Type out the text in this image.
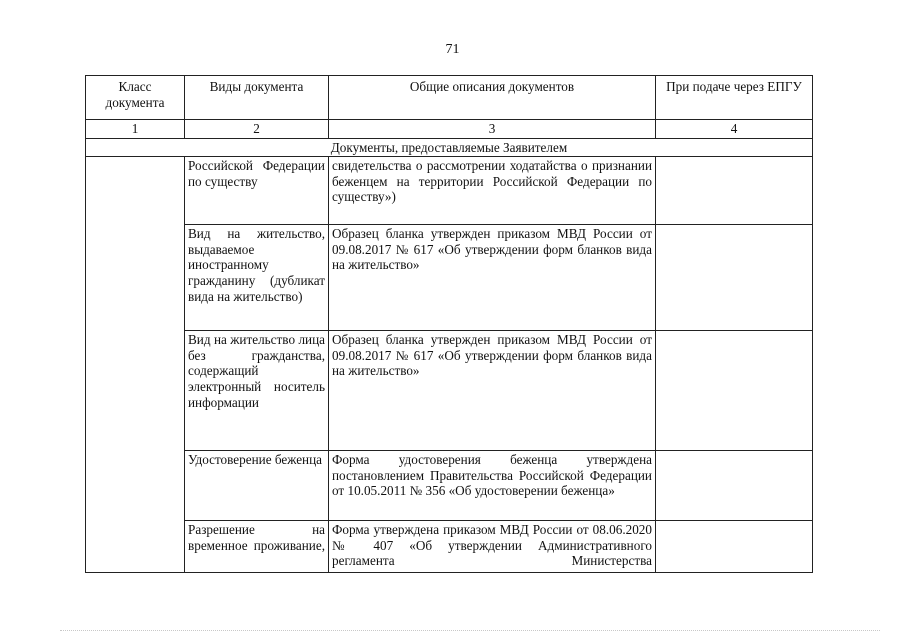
71
Класс документа	Виды документа	Общие описания документов	При подаче через ЕПГУ
1	2	3	4
Документы, предоставляемые Заявителем			
	Российской Федерации по существу	свидетельства о рассмотрении ходатайства о признании беженцем на территории Российской Федерации по существу»)	
	Вид на жительство, выдаваемое иностранному гражданину (дубликат вида на жительство)	Образец бланка утвержден приказом МВД России от 09.08.2017 № 617 «Об утверждении форм бланков вида на жительство»	
	Вид на жительство лица без гражданства, содержащий электронный носитель информации	Образец бланка утвержден приказом МВД России от 09.08.2017 № 617 «Об утверждении форм бланков вида на жительство»	
	Удостоверение беженца	Форма удостоверения беженца утверждена постановлением Правительства Российской Федерации от 10.05.2011 № 356 «Об удостоверении беженца»	
	Разрешение на временное проживание,	Форма утверждена приказом МВД России от 08.06.2020 № 407 «Об утверждении Административного регламента Министерства	
